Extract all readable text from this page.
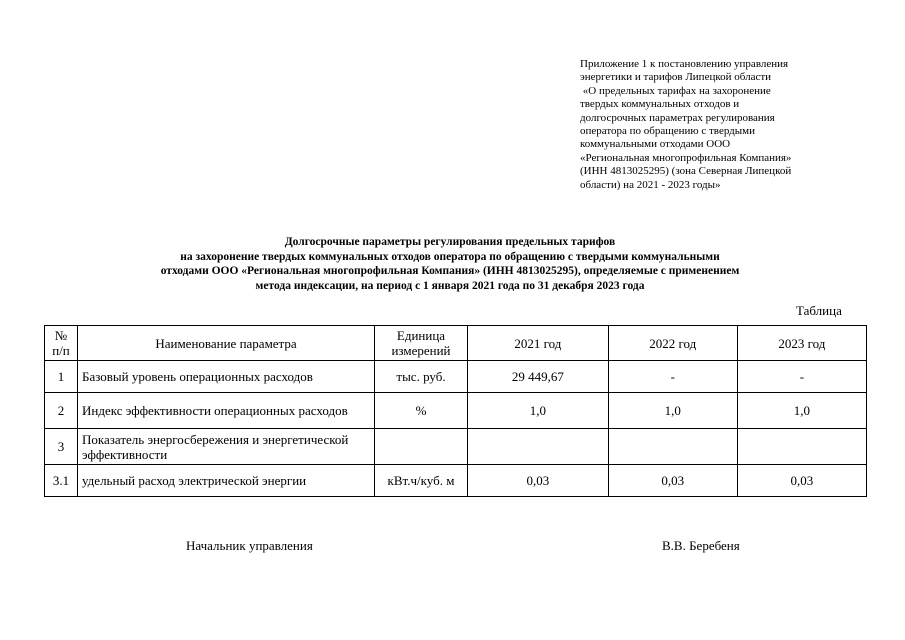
Приложение 1 к постановлению управления
энергетики и тарифов Липецкой области
«О предельных тарифах на захоронение
твердых коммунальных отходов и
долгосрочных параметрах регулирования
оператора по обращению с твердыми
коммунальными отходами ООО
«Региональная многопрофильная Компания»
(ИНН 4813025295) (зона Северная Липецкой
области) на 2021 - 2023 годы»
Долгосрочные параметры регулирования предельных тарифов
на захоронение твердых коммунальных отходов оператора по обращению с твердыми коммунальными
отходами ООО «Региональная многопрофильная Компания» (ИНН 4813025295), определяемые с применением
метода индексации, на период с 1 января 2021 года по 31 декабря 2023 года
Таблица
№ п/п	Наименование параметра	Единица измерений	2021 год	2022 год	2023 год
1	Базовый уровень операционных расходов	тыс. руб.	29 449,67	-	-
2	Индекс эффективности операционных расходов	%	1,0	1,0	1,0
3	Показатель энергосбережения и энергетической эффективности				
3.1	удельный расход электрической энергии	кВт.ч/куб. м	0,03	0,03	0,03
Начальник управления	В.В. Беребеня
